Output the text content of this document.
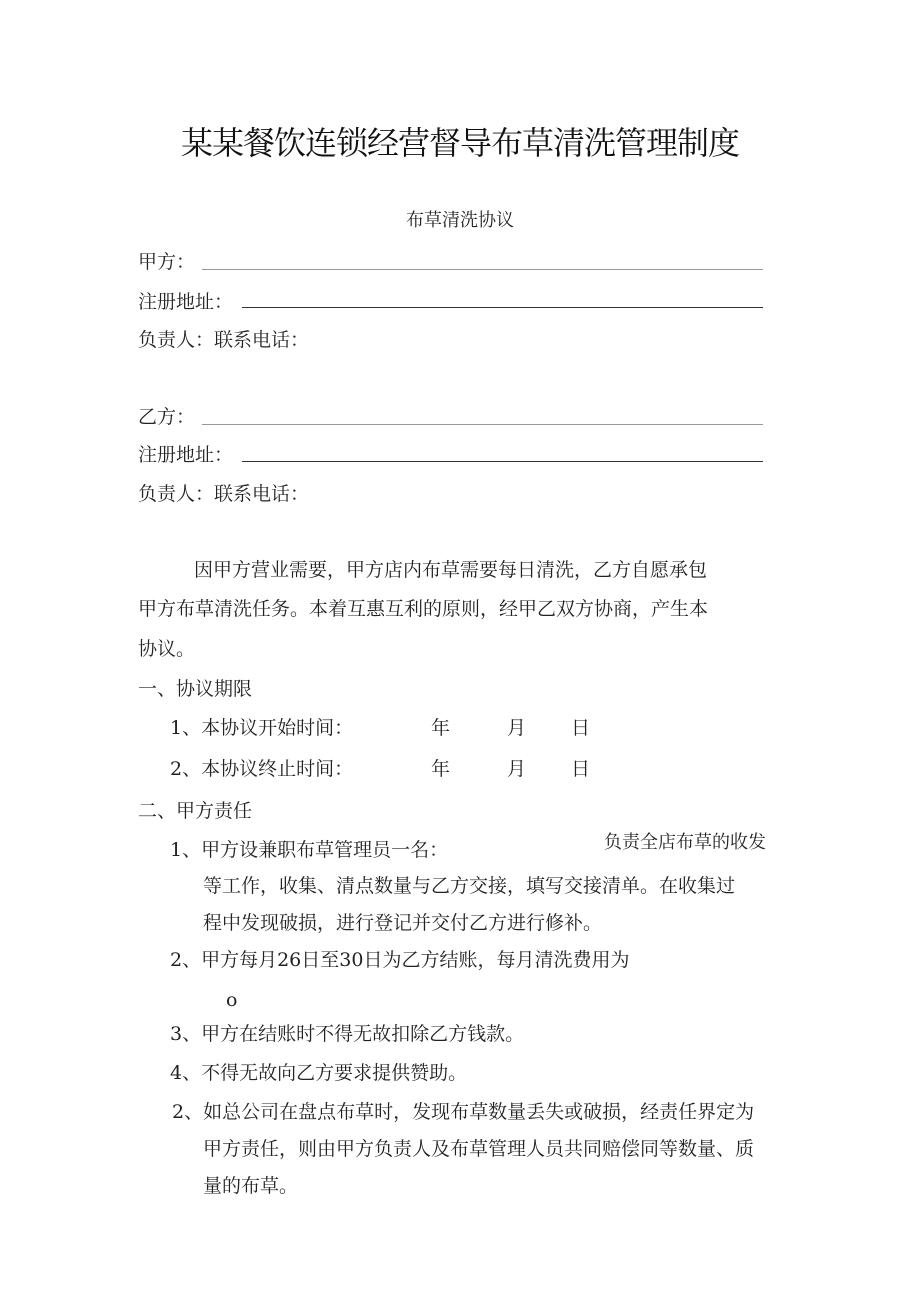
某某餐饮连锁经营督导布草清洗管理制度
布草清洗协议
甲方：
注册地址：
负责人：联系电话：
乙方：
注册地址：
负责人：联系电话：
因甲方营业需要，甲方店内布草需要每日清洗，乙方自愿承包
甲方布草清洗任务。本着互惠互利的原则，经甲乙双方协商，产生本
协议。
一、协议期限
1、本协议开始时间：	年	月 日
2、本协议终止时间：	年	月 日
二、甲方责任
1、甲方设兼职布草管理员一名：	负责全店布草的收发
等工作，收集、清点数量与乙方交接，填写交接清单。在收集过
程中发现破损，进行登记并交付乙方进行修补。
2、甲方每月26日至30日为乙方结账，每月清洗费用为
o
3、甲方在结账时不得无故扣除乙方钱款。
4、不得无故向乙方要求提供赞助。
2、如总公司在盘点布草时，发现布草数量丢失或破损，经责任界定为
甲方责任，则由甲方负责人及布草管理人员共同赔偿同等数量、质
量的布草。
